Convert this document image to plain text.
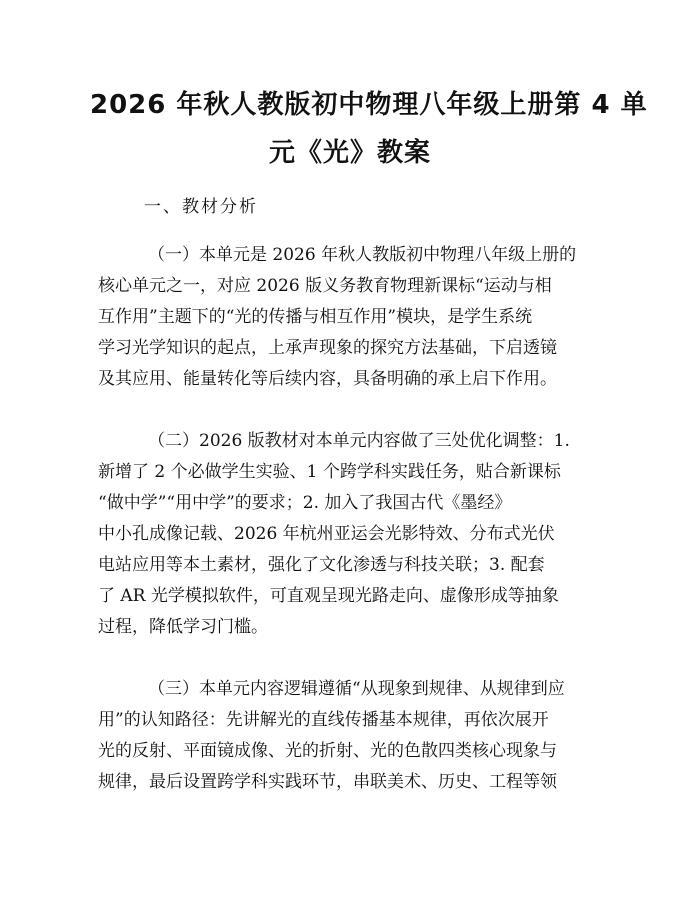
2026 年秋人教版初中物理八年级上册第 4 单
元《光》教案
一、教材分析
（一）本单元是 2026 年秋人教版初中物理八年级上册的
核心单元之一，对应 2026 版义务教育物理新课标“运动与相
互作用”主题下的“光的传播与相互作用”模块，是学生系统
学习光学知识的起点，上承声现象的探究方法基础，下启透镜
及其应用、能量转化等后续内容，具备明确的承上启下作用。
（二）2026 版教材对本单元内容做了三处优化调整：1.
新增了 2 个必做学生实验、1 个跨学科实践任务，贴合新课标
“做中学”“用中学”的要求；2. 加入了我国古代《墨经》
中小孔成像记载、2026 年杭州亚运会光影特效、分布式光伏
电站应用等本土素材，强化了文化渗透与科技关联；3. 配套
了 AR 光学模拟软件，可直观呈现光路走向、虚像形成等抽象
过程，降低学习门槛。
（三）本单元内容逻辑遵循“从现象到规律、从规律到应
用”的认知路径：先讲解光的直线传播基本规律，再依次展开
光的反射、平面镜成像、光的折射、光的色散四类核心现象与
规律，最后设置跨学科实践环节，串联美术、历史、工程等领
